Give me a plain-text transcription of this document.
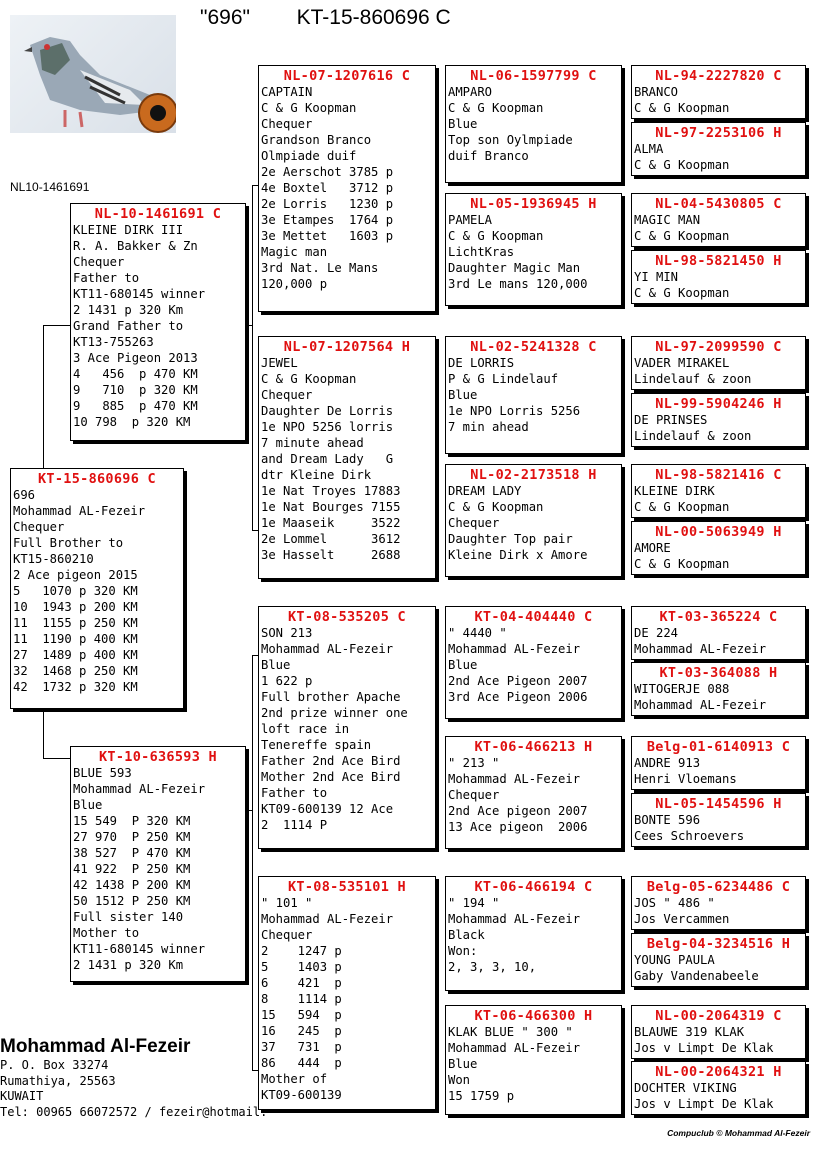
"696"        KT-15-860696 C
NL10-1461691
KT-15-860696 C
696
Mohammad AL-Fezeir
Chequer
Full Brother to
KT15-860210
2 Ace pigeon 2015
5   1070 p 320 KM
10  1943 p 200 KM
11  1155 p 250 KM
11  1190 p 400 KM
27  1489 p 400 KM
32  1468 p 250 KM
42  1732 p 320 KM
NL-10-1461691 C
KLEINE DIRK III
R. A. Bakker & Zn
Chequer
Father to
KT11-680145 winner
2 1431 p 320 Km
Grand Father to
KT13-755263
3 Ace Pigeon 2013
4   456  p 470 KM
9   710  p 320 KM
9   885  p 470 KM
10 798  p 320 KM
KT-10-636593 H
BLUE 593
Mohammad AL-Fezeir
Blue
15 549  P 320 KM
27 970  P 250 KM
38 527  P 470 KM
41 922  P 250 KM
42 1438 P 200 KM
50 1512 P 250 KM
Full sister 140
Mother to
KT11-680145 winner
2 1431 p 320 Km
NL-07-1207616 C
CAPTAIN
C & G Koopman
Chequer
Grandson Branco
Olmpiade duif
2e Aerschot 3785 p
4e Boxtel   3712 p
2e Lorris   1230 p
3e Etampes  1764 p
3e Mettet   1603 p
Magic man
3rd Nat. Le Mans
120,000 p
NL-07-1207564 H
JEWEL
C & G Koopman
Chequer
Daughter De Lorris
1e NPO 5256 lorris
7 minute ahead
and Dream Lady   G
dtr Kleine Dirk
1e Nat Troyes 17883
1e Nat Bourges 7155
1e Maaseik     3522
2e Lommel      3612
3e Hasselt     2688
KT-08-535205 C
SON 213
Mohammad AL-Fezeir
Blue
1 622 p
Full brother Apache
2nd prize winner one
loft race in
Tenereffe spain
Father 2nd Ace Bird
Mother 2nd Ace Bird
Father to
KT09-600139 12 Ace
2  1114 P
KT-08-535101 H
" 101 "
Mohammad AL-Fezeir
Chequer
2    1247 p
5    1403 p
6    421  p
8    1114 p
15   594  p
16   245  p
37   731  p
86   444  p
Mother of
KT09-600139
NL-06-1597799 C
AMPARO
C & G Koopman
Blue
Top son Oylmpiade
duif Branco
NL-05-1936945 H
PAMELA
C & G Koopman
LichtKras
Daughter Magic Man
3rd Le mans 120,000
NL-02-5241328 C
DE LORRIS
P & G Lindelauf
Blue
1e NPO Lorris 5256
7 min ahead
NL-02-2173518 H
DREAM LADY
C & G Koopman
Chequer
Daughter Top pair
Kleine Dirk x Amore
KT-04-404440 C
" 4440 "
Mohammad AL-Fezeir
Blue
2nd Ace Pigeon 2007
3rd Ace Pigeon 2006
KT-06-466213 H
" 213 "
Mohammad AL-Fezeir
Chequer
2nd Ace pigeon 2007
13 Ace pigeon  2006
KT-06-466194 C
" 194 "
Mohammad AL-Fezeir
Black
Won:
2, 3, 3, 10,
KT-06-466300 H
KLAK BLUE " 300 "
Mohammad AL-Fezeir
Blue
Won
15 1759 p
NL-94-2227820 C
BRANCO
C & G Koopman
NL-97-2253106 H
ALMA
C & G Koopman
NL-04-5430805 C
MAGIC MAN
C & G Koopman
NL-98-5821450 H
YI MIN
C & G Koopman
NL-97-2099590 C
VADER MIRAKEL
Lindelauf & zoon
NL-99-5904246 H
DE PRINSES
Lindelauf & zoon
NL-98-5821416 C
KLEINE DIRK
C & G Koopman
NL-00-5063949 H
AMORE
C & G Koopman
KT-03-365224 C
DE 224
Mohammad AL-Fezeir
KT-03-364088 H
WITOGERJE 088
Mohammad AL-Fezeir
Belg-01-6140913 C
ANDRE 913
Henri Vloemans
NL-05-1454596 H
BONTE 596
Cees Schroevers
Belg-05-6234486 C
JOS " 486 "
Jos Vercammen
Belg-04-3234516 H
YOUNG PAULA
Gaby Vandenabeele
NL-00-2064319 C
BLAUWE 319 KLAK
Jos v Limpt De Klak
NL-00-2064321 H
DOCHTER VIKING
Jos v Limpt De Klak
Mohammad Al-Fezeir
P. O. Box 33274
Rumathiya, 25563
KUWAIT
Tel: 00965 66072572 / fezeir@hotmail.
Compuclub © Mohammad Al-Fezeir
